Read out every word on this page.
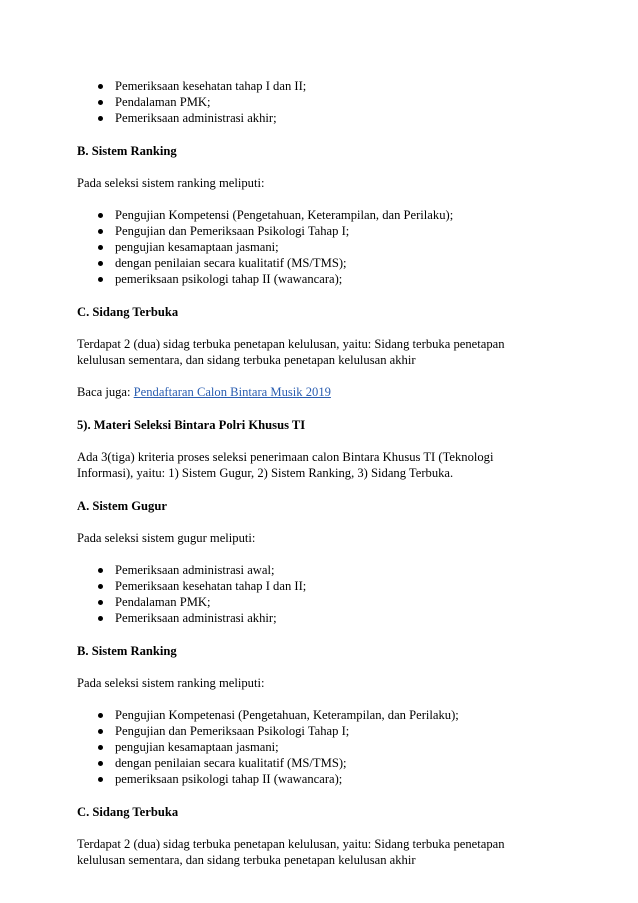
Pemeriksaan kesehatan tahap I dan II;
Pendalaman PMK;
Pemeriksaan administrasi akhir;

B. Sistem Ranking

Pada seleksi sistem ranking meliputi:

Pengujian Kompetensi (Pengetahuan, Keterampilan, dan Perilaku);
Pengujian dan Pemeriksaan Psikologi Tahap I;
pengujian kesamaptaan jasmani;
dengan penilaian secara kualitatif (MS/TMS);
pemeriksaan psikologi tahap II (wawancara);

C. Sidang Terbuka

Terdapat 2 (dua) sidag terbuka penetapan kelulusan, yaitu: Sidang terbuka penetapan
kelulusan sementara, dan sidang terbuka penetapan kelulusan akhir

Baca juga: Pendaftaran Calon Bintara Musik 2019

5). Materi Seleksi Bintara Polri Khusus TI

Ada 3(tiga) kriteria proses seleksi penerimaan calon Bintara Khusus TI (Teknologi
Informasi), yaitu: 1) Sistem Gugur, 2) Sistem Ranking, 3) Sidang Terbuka.

A. Sistem Gugur

Pada seleksi sistem gugur meliputi:

Pemeriksaan administrasi awal;
Pemeriksaan kesehatan tahap I dan II;
Pendalaman PMK;
Pemeriksaan administrasi akhir;

B. Sistem Ranking

Pada seleksi sistem ranking meliputi:

Pengujian Kompetenasi (Pengetahuan, Keterampilan, dan Perilaku);
Pengujian dan Pemeriksaan Psikologi Tahap I;
pengujian kesamaptaan jasmani;
dengan penilaian secara kualitatif (MS/TMS);
pemeriksaan psikologi tahap II (wawancara);

C. Sidang Terbuka

Terdapat 2 (dua) sidag terbuka penetapan kelulusan, yaitu: Sidang terbuka penetapan
kelulusan sementara, dan sidang terbuka penetapan kelulusan akhir
